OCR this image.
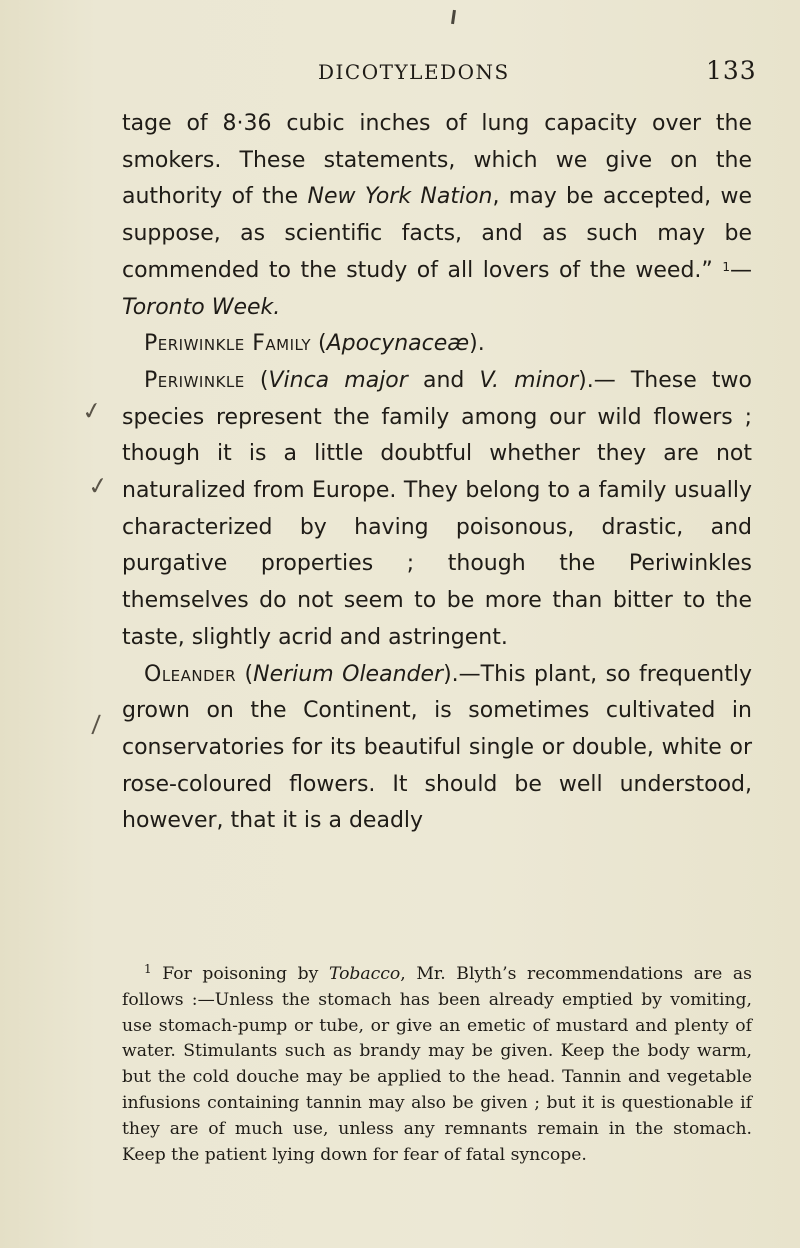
DICOTYLEDONS	133

tage of 8·36 cubic inches of lung capacity over the smokers. These statements, which we give on the authority of the New York Nation, may be accepted, we suppose, as scientific facts, and as such may be commended to the study of all lovers of the weed.” $^1$—Toronto Week.

Periwinkle Family (Apocynaceæ).

Periwinkle (Vinca major and V. minor).— These two species represent the family among our wild flowers ; though it is a little doubtful whether they are not naturalized from Europe. They belong to a family usually characterized by having poisonous, drastic, and purgative properties ; though the Periwinkles themselves do not seem to be more than bitter to the taste, slightly acrid and astringent.

Oleander (Nerium Oleander).—This plant, so frequently grown on the Continent, is sometimes cultivated in conservatories for its beautiful single or double, white or rose-coloured flowers. It should be well understood, however, that it is a deadly

$^1$ For poisoning by Tobacco, Mr. Blyth’s recommendations are as follows :—Unless the stomach has been already emptied by vomiting, use stomach-pump or tube, or give an emetic of mustard and plenty of water. Stimulants such as brandy may be given. Keep the body warm, but the cold douche may be applied to the head. Tannin and vegetable infusions containing tannin may also be given ; but it is questionable if they are of much use, unless any remnants remain in the stomach. Keep the patient lying down for fear of fatal syncope.

✓
✓
/
